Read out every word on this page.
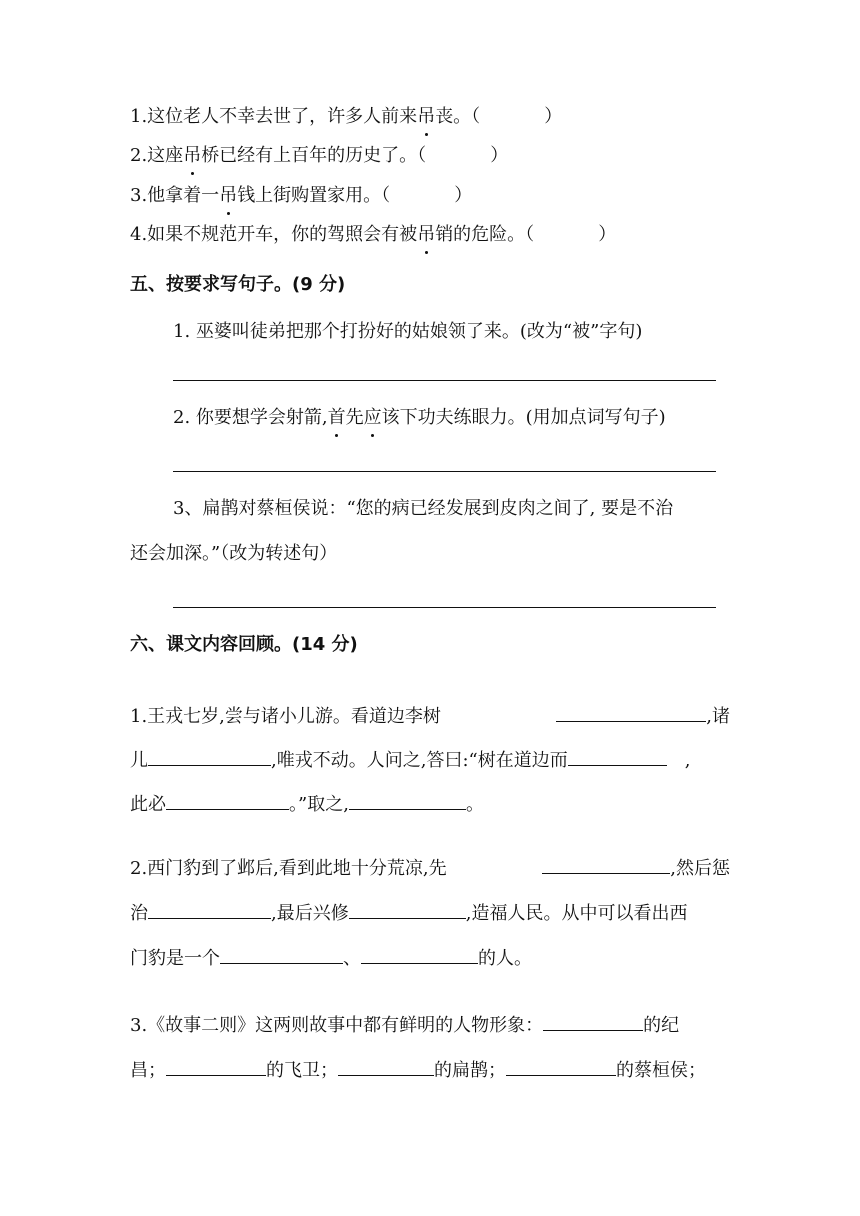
1.这位老人不幸去世了，许多人前来吊丧。（	）
2.这座吊桥已经有上百年的历史了。（	）
3.他拿着一吊钱上街购置家用。（	）
4.如果不规范开车，你的驾照会有被吊销的危险。（	）
五、按要求写句子。(9 分)
1. 巫婆叫徒弟把那个打扮好的姑娘领了来。(改为“被”字句)
2. 你要想学会射箭,首先应该下功夫练眼力。(用加点词写句子)
3、扁鹊对蔡桓侯说：“您的病已经发展到皮肉之间了, 要是不治
还会加深。”（改为转述句）
六、课文内容回顾。(14 分)
1.王戎七岁,尝与诸小儿游。看道边李树	,诸
儿	,唯戎不动。人问之,答曰:“树在道边而	,
此必	。”取之,	。
2.西门豹到了邺后,看到此地十分荒凉,先	,然后惩
治	,最后兴修	,造福人民。从中可以看出西
门豹是一个	、	的人。
3.《故事二则》这两则故事中都有鲜明的人物形象：	的纪
昌；	的飞卫；	的扁鹊；	的蔡桓侯；
